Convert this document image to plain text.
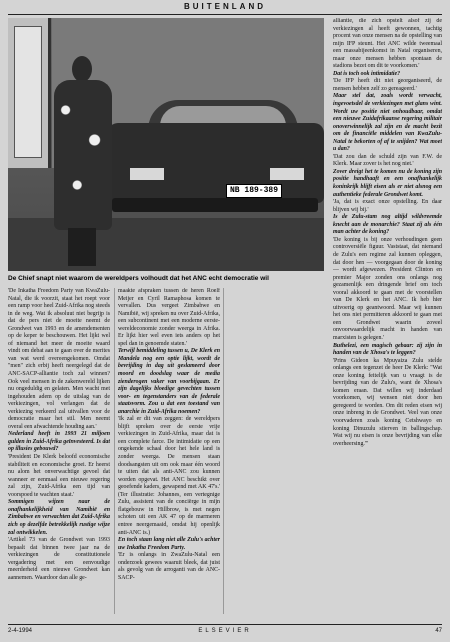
BUITENLAND
NB 189-389
De Chief snapt niet waarom de wereldpers volhoudt dat het ANC echt democratie wil

alliantie, die zich opstelt alsof zij de verkiezingen al heeft gewonnen, tachtig procent van onze mensen na de opstelling van mijn IFP steunt. Het ANC wilde tweemaal een massabijeenkomst in Natal organiseren, maar onze mensen hebben spontaan de stadions bezet om dit te voorkomen.'

Dat is toch ook intimidatie?

'De IFP heeft dit niet georganiseerd, de mensen hebben zelf zo gereageerd.'

Maar stel dat, zoals wordt verwacht, ingevoetsdel de verkiezingen met glans wint. Wordt uw positie niet onhoudbaar, omdat een nieuwe Zuidafrikaanse regering militair onoverwinnelijk zal zijn en de macht bezit om de financiële middelen van KwaZulu-Natal te bekorten of af te snijden? Wat moet u dan?

'Dat zou dan de schuld zijn van F.W. de Klerk. Maar zover is het nog niet.'

Zover dreigt het te komen nu de koning zijn positie handhaaft en een onafhankelijk koninkrijk blijft eisen als er niet alsnog een authentieke federale Grondwet komt.

'Ja, dat is exact onze opstelling. En daar blijven wij bij.'

Is de Zulu-stam nog altijd wildvreemde knecht aan de monarchie? Staat zij als één man achter de koning?

'De koning is bij onze verhoudingen geen controversiële figuur. Vaststaat, dat niemand de Zulu's een regime zal kunnen opleggen, dat door hen — voorgegaan door de koning — wordt afgewezen. President Clinton en premier Major zonden ons onlangs nog gezamenlijk een dringende brief om toch vooral akkoord te gaan met de voorstellen van De Klerk en het ANC. Ik heb hier uitvoerig op geantwoord. Maar wij kunnen het ons niet permitteren akkoord te gaan met een Grondwet waarin zoveel onvoorwaardelijk macht in handen van marxisten is gelegen.'

Buthelezi, een magisch gebaar: zij zijn in handen van de Xhosa's te leggen?

'Prins Gideon ka Mpuyaiza Zulu stelde onlangs een tegenzet de heer De Klerk: "Wat onze koning feitelijk van u vraagt is de bevrijding van de Zulu's, want de Xhosa's komen eraan. Dat willen wij inderdaad voorkomen, wij wensen niet door hen geregeerd te worden. Om dit reden eisen wij onze inbreng in de Grondwet. Veel van onze voorvaderen zoals koning Cetshwayo en koning Dinuzulu stierven in ballingschap. Wat wij nu eisen is onze bevrijding van elke overheersing.'"

'De Inkatha Freedom Party van KwaZulu-Natal, die ik voorzit, staat het roept voor een ramp voor heel Zuid-Afrika nog steeds in de weg. Wat ik absoluut niet begrijp is dat de pers niet de moeite neemt de Grondwet van 1993 en de amendementen op de keper te beschouwen. Het lijkt wel of niemand het meer de moeite waard vindt om debat aan te gaan over de merites van wat werd overeengekomen. Omdat "men" zich erbij heeft neergelegd dat de ANC-SACP-alliantie toch zal winnen? Ook veel mensen in de zakenwereld lijken nu ongeduldig en gelaten. Men wacht met ingehouden adem op de uitslag van de verkiezingen, vol verlangen dat de verkiezing verkeerd zal uitvallen voor de democratie maar het stil. Men neemt overal een afwachtende houding aan.'

Nederland heeft in 1993 21 miljoen gulden in Zuid-Afrika geïnvesteerd. Is dat op illusies gebouwd?

'President De Klerk beloofd economische stabiliteit en economische groei. Er heerst nu alom het onverwachtige gevoel dat wanneer er eenmaal een nieuwe regering zal zijn, Zuid-Afrika een tijd van voorspoed te wachten staat.'

Sommigen wijzen naar de onafhankelijkheid van Namibië en Zimbabwe en verwachten dat Zuid-Afrika zich op dezelfde betrekkelijk rustige wijze zal ontwikkelen.

'Artikel 73 van de Grondwet van 1993 bepaalt dat binnen twee jaar na de verkiezingen de constitutionele vergadering met een eenvoudige meerderheid een nieuwe Grondwet kan aannemen. Waardoor dan alle ge-

maakte afspraken tussen de heren Roelf Meijer en Cyril Ramaphosa komen te vervallen. Dus vergeet Zimbabwe en Namibië, wij spreken nu over Zuid-Afrika, een subcontinent met een moderne eerste-wereldeconomie zonder weerga in Afrika. Er lijkt hier wel even iets anders op het spel dan in genoemde staten.'

Terwijl bemiddeling tussen u, De Klerk en Mandela nog een optie lijkt, wordt de bevrijding in dag uit geslameerd door moord en doodslag waar de media zienderogen vaker van voorbijgaan. Er zijn dagelijks bloedige gevechten tussen voor- en tegenstanders van de federale staatsvorm. Zou u dat een toestand van anarchie in Zuid-Afrika noemen?

'Ik zal er dit van zeggen: de wereldpers blijft spreken over de eerste vrije verkiezingen in Zuid-Afrika, maar dat is een complete farce. De intimidatie op een ongekende schaal door het hele land is zonder weerga. De mensen staan doodsangsten uit om ook maar één woord te uiten dat als anti-ANC zou kunnen worden opgevat. Het ANC beschikt over geoefende kaders, gewapend met AK 47's.' (Ter illustratie: Johannes, een vertegnige Zulu, assistent van de conciërge in mijn flatgebouw in Hillbrow, is met negen schoten uit een AK 47 op de marmeren entree neergemaaid, omdat hij openlijk anti-ANC is.)

En toch staan lang niet alle Zulu's achter uw Inkatha Freedom Party.

'Er is onlangs in ZwaZulu-Natal een onderzoek gewees waaruit bleek, dat juist als gevolg van de arroganti van de ANC-SACP-

2-4-1994	ELSEVIER	47
